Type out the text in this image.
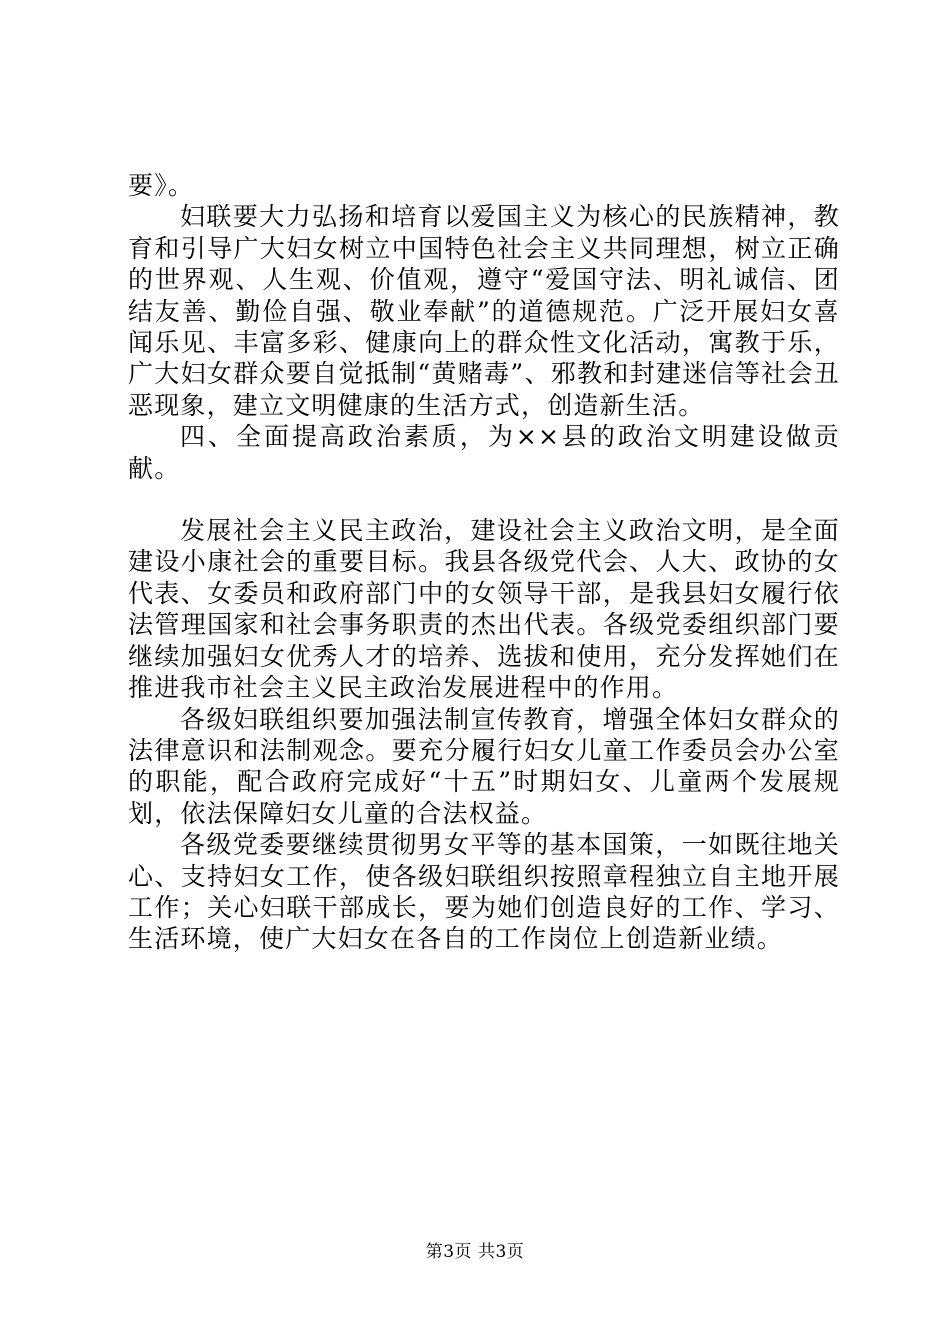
要》。

妇联要大力弘扬和培育以爱国主义为核心的民族精神，教育和引导广大妇女树立中国特色社会主义共同理想，树立正确的世界观、人生观、价值观，遵守“爱国守法、明礼诚信、团结友善、勤俭自强、敬业奉献”的道德规范。广泛开展妇女喜闻乐见、丰富多彩、健康向上的群众性文化活动，寓教于乐，广大妇女群众要自觉抵制“黄赌毒”、邪教和封建迷信等社会丑恶现象，建立文明健康的生活方式，创造新生活。

四、全面提高政治素质，为××县的政治文明建设做贡献。

发展社会主义民主政治，建设社会主义政治文明，是全面建设小康社会的重要目标。我县各级党代会、人大、政协的女代表、女委员和政府部门中的女领导干部，是我县妇女履行依法管理国家和社会事务职责的杰出代表。各级党委组织部门要继续加强妇女优秀人才的培养、选拔和使用，充分发挥她们在推进我市社会主义民主政治发展进程中的作用。

各级妇联组织要加强法制宣传教育，增强全体妇女群众的法律意识和法制观念。要充分履行妇女儿童工作委员会办公室的职能，配合政府完成好“十五”时期妇女、儿童两个发展规划，依法保障妇女儿童的合法权益。

各级党委要继续贯彻男女平等的基本国策，一如既往地关心、支持妇女工作，使各级妇联组织按照章程独立自主地开展工作；关心妇联干部成长，要为她们创造良好的工作、学习、生活环境，使广大妇女在各自的工作岗位上创造新业绩。

第3页 共3页
